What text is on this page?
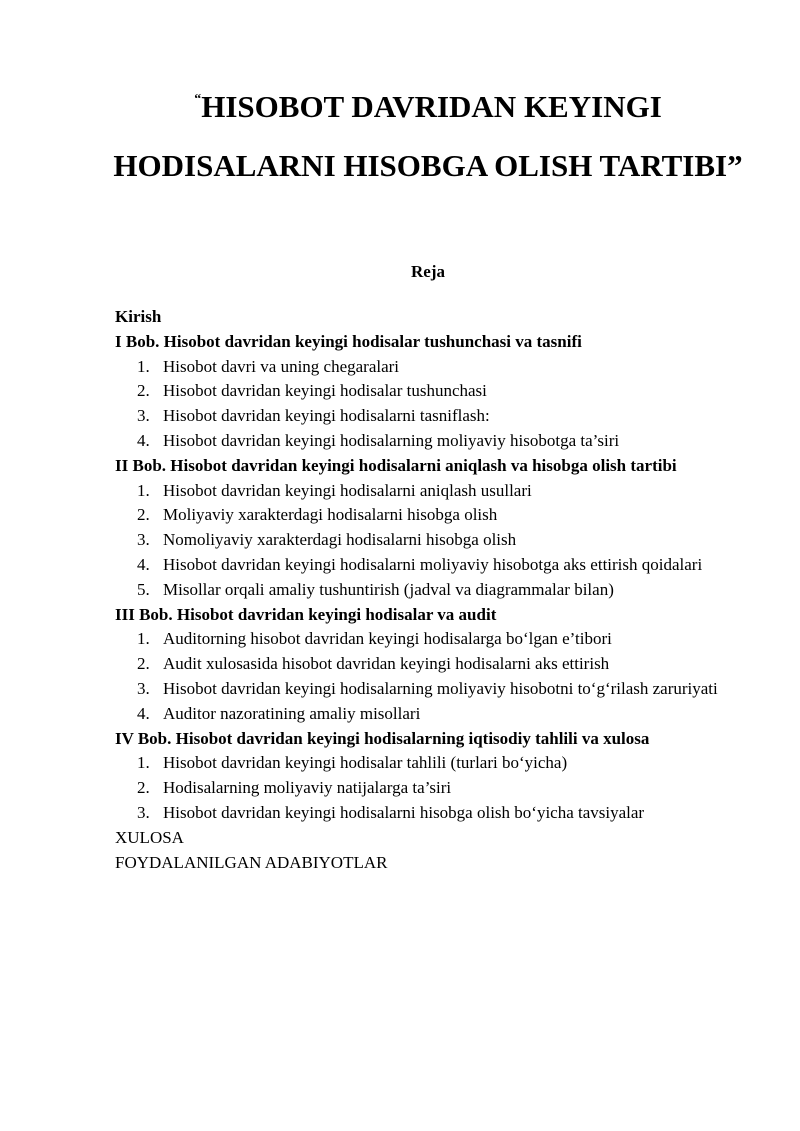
“HISOBOT DAVRIDAN KEYINGI HODISALARNI HISOBGA OLISH TARTIBI”

Reja

Kirish

I Bob. Hisobot davridan keyingi hodisalar tushunchasi va tasnifi

1. Hisobot davri va uning chegaralari
2. Hisobot davridan keyingi hodisalar tushunchasi
3. Hisobot davridan keyingi hodisalarni tasniflash:
4. Hisobot davridan keyingi hodisalarning moliyaviy hisobotga ta’siri

II Bob. Hisobot davridan keyingi hodisalarni aniqlash va hisobga olish tartibi

1. Hisobot davridan keyingi hodisalarni aniqlash usullari
2. Moliyaviy xarakterdagi hodisalarni hisobga olish
3. Nomoliyaviy xarakterdagi hodisalarni hisobga olish
4. Hisobot davridan keyingi hodisalarni moliyaviy hisobotga aks ettirish qoidalari
5. Misollar orqali amaliy tushuntirish (jadval va diagrammalar bilan)

III Bob. Hisobot davridan keyingi hodisalar va audit

1. Auditorning hisobot davridan keyingi hodisalarga bo‘lgan e’tibori
2. Audit xulosasida hisobot davridan keyingi hodisalarni aks ettirish
3. Hisobot davridan keyingi hodisalarning moliyaviy hisobotni to‘g‘rilash zaruriyati
4. Auditor nazoratining amaliy misollari

IV Bob. Hisobot davridan keyingi hodisalarning iqtisodiy tahlili va xulosa

1. Hisobot davridan keyingi hodisalar tahlili (turlari bo‘yicha)
2. Hodisalarning moliyaviy natijalarga ta’siri
3. Hisobot davridan keyingi hodisalarni hisobga olish bo‘yicha tavsiyalar

XULOSA

FOYDALANILGAN ADABIYOTLAR
